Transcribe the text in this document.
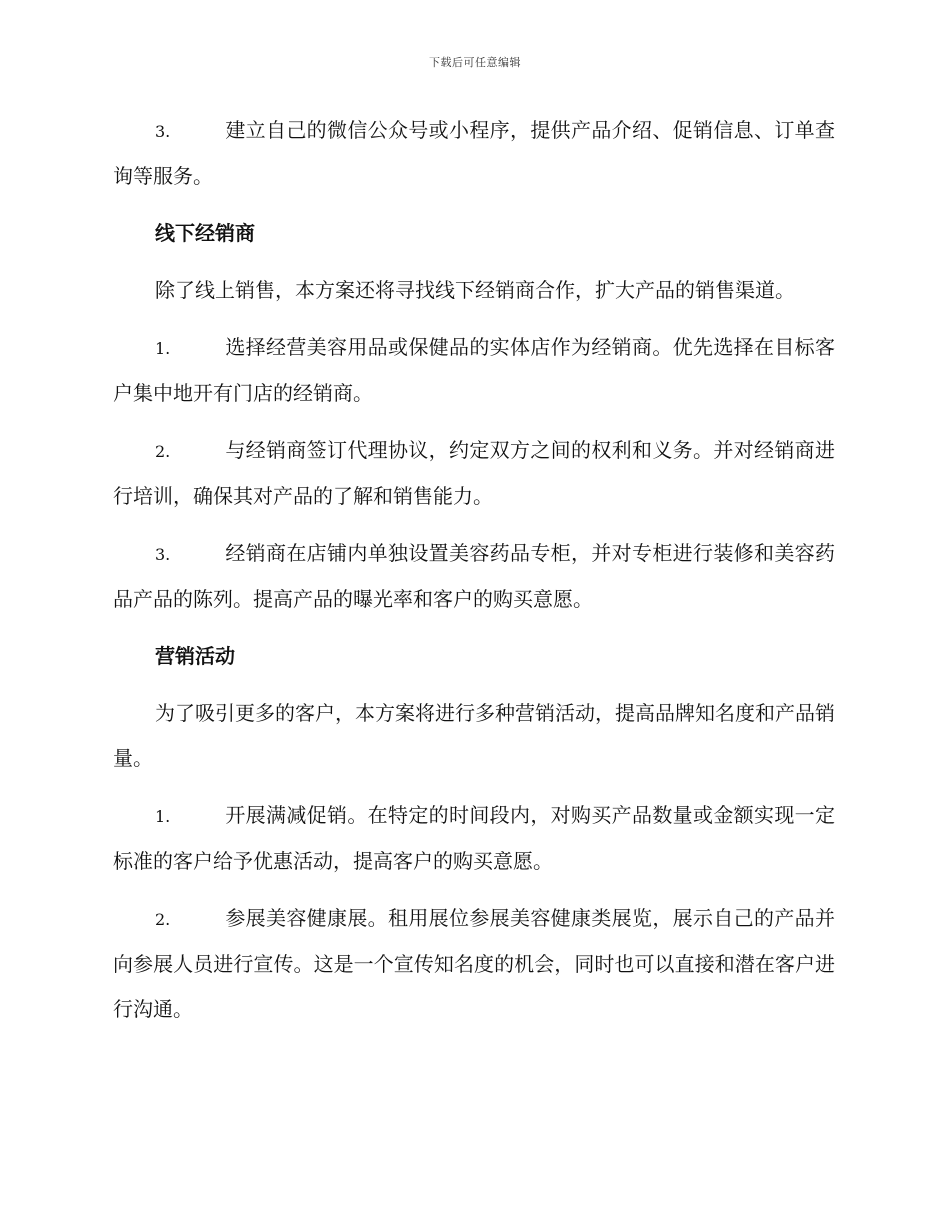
下载后可任意编辑

3.	建立自己的微信公众号或小程序，提供产品介绍、促销信息、订单查询等服务。

线下经销商

除了线上销售，本方案还将寻找线下经销商合作，扩大产品的销售渠道。

1.	选择经营美容用品或保健品的实体店作为经销商。优先选择在目标客户集中地开有门店的经销商。

2.	与经销商签订代理协议，约定双方之间的权利和义务。并对经销商进行培训，确保其对产品的了解和销售能力。

3.	经销商在店铺内单独设置美容药品专柜，并对专柜进行装修和美容药品产品的陈列。提高产品的曝光率和客户的购买意愿。

营销活动

为了吸引更多的客户，本方案将进行多种营销活动，提高品牌知名度和产品销量。

1.	开展满减促销。在特定的时间段内，对购买产品数量或金额实现一定标准的客户给予优惠活动，提高客户的购买意愿。

2.	参展美容健康展。租用展位参展美容健康类展览，展示自己的产品并向参展人员进行宣传。这是一个宣传知名度的机会，同时也可以直接和潜在客户进行沟通。
